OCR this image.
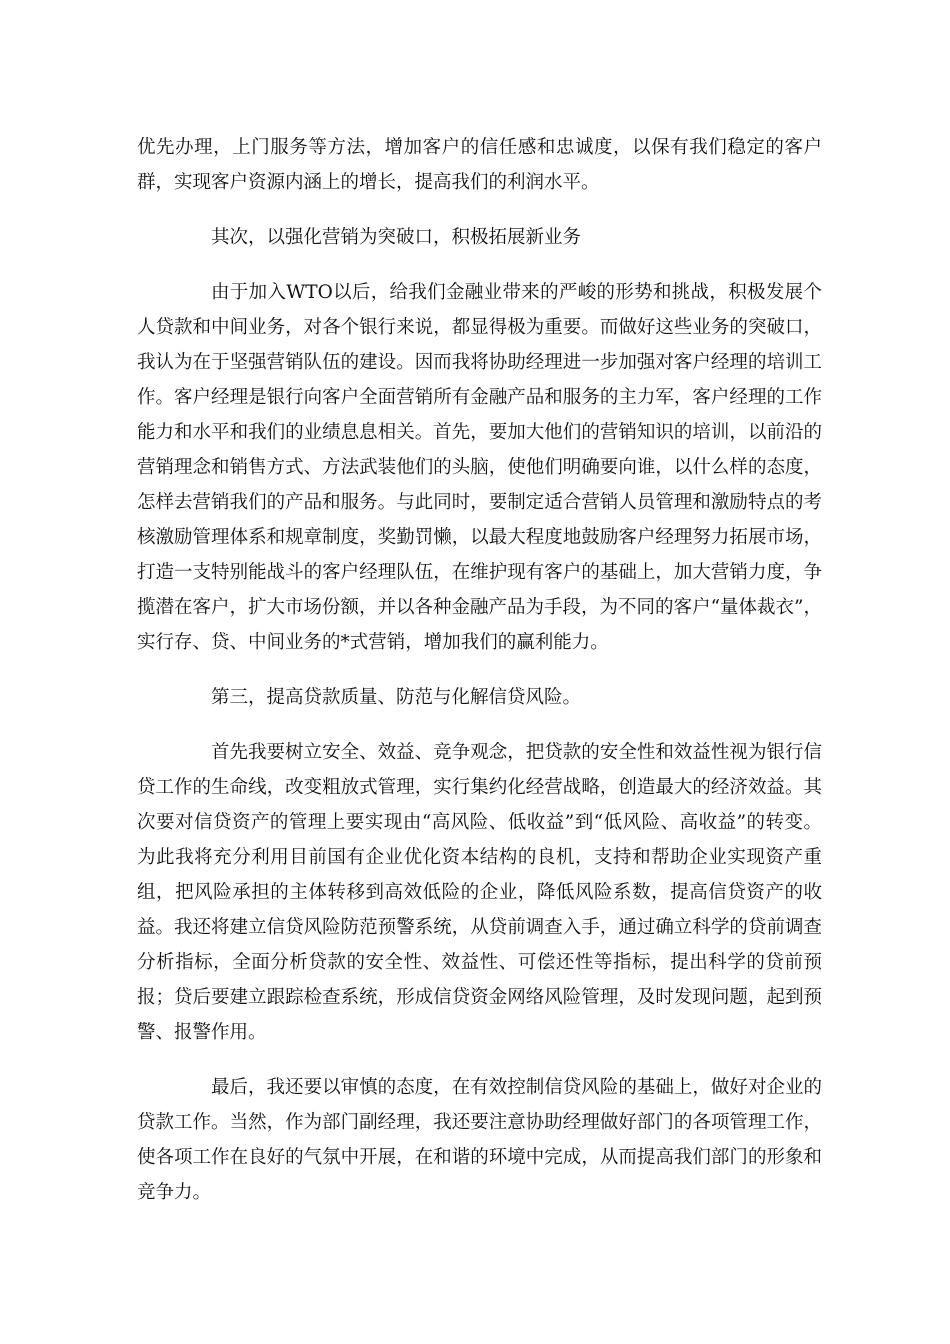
优先办理，上门服务等方法，增加客户的信任感和忠诚度，以保有我们稳定的客户群，实现客户资源内涵上的增长，提高我们的利润水平。

其次，以强化营销为突破口，积极拓展新业务

由于加入WTO以后，给我们金融业带来的严峻的形势和挑战，积极发展个人贷款和中间业务，对各个银行来说，都显得极为重要。而做好这些业务的突破口，我认为在于坚强营销队伍的建设。因而我将协助经理进一步加强对客户经理的培训工作。客户经理是银行向客户全面营销所有金融产品和服务的主力军，客户经理的工作能力和水平和我们的业绩息息相关。首先，要加大他们的营销知识的培训，以前沿的营销理念和销售方式、方法武装他们的头脑，使他们明确要向谁，以什么样的态度，怎样去营销我们的产品和服务。与此同时，要制定适合营销人员管理和激励特点的考核激励管理体系和规章制度，奖勤罚懒，以最大程度地鼓励客户经理努力拓展市场，打造一支特别能战斗的客户经理队伍，在维护现有客户的基础上，加大营销力度，争揽潜在客户，扩大市场份额，并以各种金融产品为手段，为不同的客户“量体裁衣”，实行存、贷、中间业务的*式营销，增加我们的赢利能力。

第三，提高贷款质量、防范与化解信贷风险。

首先我要树立安全、效益、竞争观念，把贷款的安全性和效益性视为银行信贷工作的生命线，改变粗放式管理，实行集约化经营战略，创造最大的经济效益。其次要对信贷资产的管理上要实现由“高风险、低收益”到“低风险、高收益”的转变。为此我将充分利用目前国有企业优化资本结构的良机，支持和帮助企业实现资产重组，把风险承担的主体转移到高效低险的企业，降低风险系数，提高信贷资产的收益。我还将建立信贷风险防范预警系统，从贷前调查入手，通过确立科学的贷前调查分析指标，全面分析贷款的安全性、效益性、可偿还性等指标，提出科学的贷前预报；贷后要建立跟踪检查系统，形成信贷资金网络风险管理，及时发现问题，起到预警、报警作用。

最后，我还要以审慎的态度，在有效控制信贷风险的基础上，做好对企业的贷款工作。当然，作为部门副经理，我还要注意协助经理做好部门的各项管理工作，使各项工作在良好的气氛中开展，在和谐的环境中完成，从而提高我们部门的形象和竞争力。
